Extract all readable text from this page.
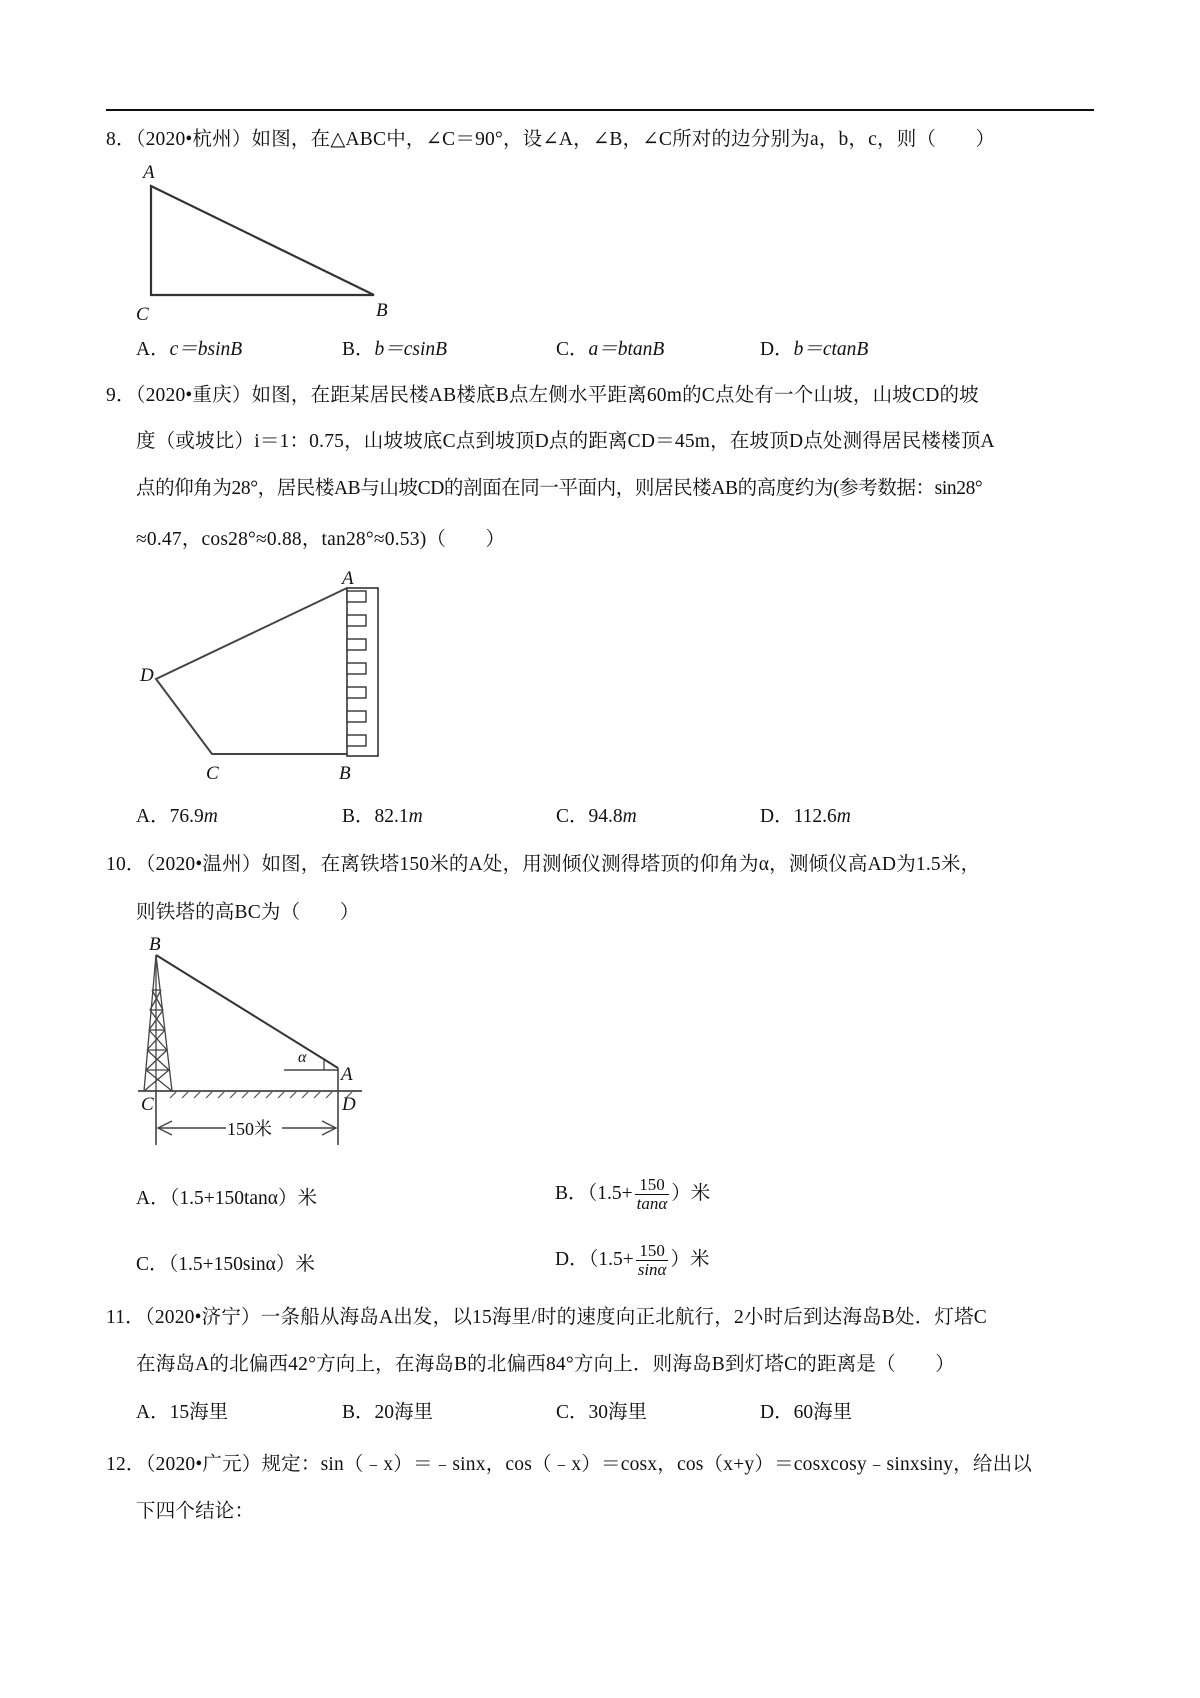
8．（2020•杭州）如图，在△ABC中，∠C＝90°，设∠A，∠B，∠C所对的边分别为a，b，c，则（　　）
A
C	B
A．c＝bsinB	B．b＝csinB	C．a＝btanB	D．b＝ctanB
9．（2020•重庆）如图，在距某居民楼AB楼底B点左侧水平距离60m的C点处有一个山坡，山坡CD的坡
度（或坡比）i＝1：0.75，山坡坡底C点到坡顶D点的距离CD＝45m，在坡顶D点处测得居民楼楼顶A
点的仰角为28°，居民楼AB与山坡CD的剖面在同一平面内，则居民楼AB的高度约为(参考数据：sin28°
≈0.47，cos28°≈0.88，tan28°≈0.53)（　　）
A
D
C	B
A．76.9m	B．82.1m	C．94.8m	D．112.6m
10．（2020•温州）如图，在离铁塔150米的A处，用测倾仪测得塔顶的仰角为α，测倾仪高AD为1.5米，
则铁塔的高BC为（　　）
150米
B
A
C	D
α
A．（1.5+150tanα）米	B．（$1.5+ \frac{150}{\tan\alpha}$ ）米
C．（1.5+150sinα）米	D．（$1.5+ \frac{150}{\sin\alpha}$ ）米
11．（2020•济宁）一条船从海岛A出发，以15海里/时的速度向正北航行，2小时后到达海岛B处．灯塔C
在海岛A的北偏西42°方向上，在海岛B的北偏西84°方向上．则海岛B到灯塔C的距离是（　　）
A．15海里	B．20海里	C．30海里	D．60海里
12．（2020•广元）规定：sin（﹣x）＝﹣sinx，cos（﹣x）＝cosx，cos（x+y）＝cosxcosy﹣sinxsiny，给出以
下四个结论：
